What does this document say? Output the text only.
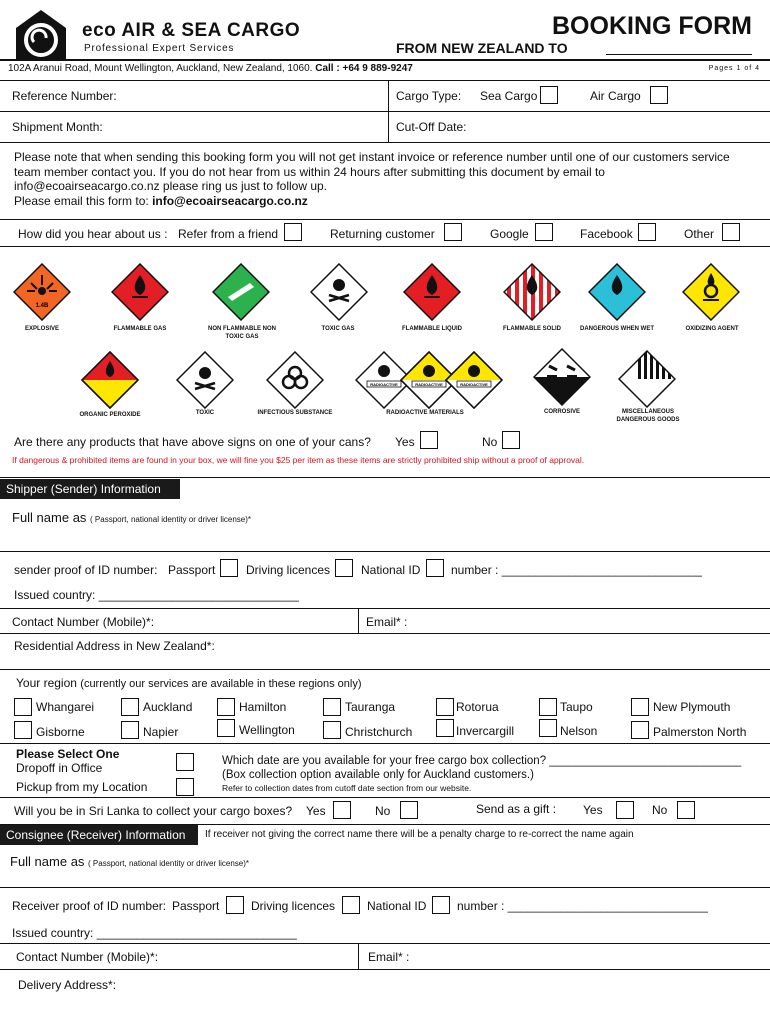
eco AIR & SEA CARGO
Professional Expert Services
BOOKING FORM
FROM NEW ZEALAND TO
102A Aranui Road, Mount Wellington, Auckland, New Zealand, 1060. Call : +64 9 889-9247	Pages 1 of 4
Reference Number:	Cargo Type: Sea Cargo	Air Cargo
Shipment Month:	Cut-Off Date:
Please note that when sending this booking form you will not get instant invoice or reference number until one of our customers service
team member contact you. If you do not hear from us within 24 hours after submitting this document by email to
info@ecoairseacargo.co.nz please ring us just to follow up.
Please email this form to: info@ecoairseacargo.co.nz
How did you hear about us : Refer from a friend	Returning customer	Google	Facebook	Other
1.4B
EXPLOSIVE	FLAMMABLE GAS	NON FLAMMABLE NON TOXIC GAS
TOXIC GAS	FLAMMABLE LIQUID	FLAMMABLE SOLID	DANGEROUS WHEN WET	OXIDIZING AGENT
ORGANIC PEROXIDE	TOXIC	INFECTIOUS SUBSTANCE
RADIOACTIVE	RADIOACTIVE	RADIOACTIVE
RADIOACTIVE MATERIALS	CORROSIVE	MISCELLANEOUS DANGEROUS GOODS
Are there any products that have above signs on one of your cans? Yes	No
If dangerous & prohibited items are found in your box, we will fine you $25 per item as these items are strictly prohibited ship without a proof of approval.
Shipper (Sender) Information
Full name as ( Passport, national identity or driver license)*
sender proof of ID number: Passport	Driving licences	National ID	number : ______________________________
Issued country: ______________________________
Contact Number (Mobile)*:	Email* :
Residential Address in New Zealand*:
Your region (currently our services are available in these regions only)
Whangarei	Auckland	Hamilton	Tauranga	Rotorua	Taupo	New Plymouth
Gisborne	Napier	Wellington	Christchurch	Invercargill	Nelson	Palmerston North
Please Select One
Dropoff in Office
Pickup from my Location
Which date are you available for your free cargo box collection? ______________________________
(Box collection option available only for Auckland customers.)
Refer to collection dates from cutoff date section from our website.
Will you be in Sri Lanka to collect your cargo boxes? Yes	No	Send as a gift : Yes	No
Consignee (Receiver) Information	If receiver not giving the correct name there will be a penalty charge to re-correct the name again
Full name as ( Passport, national identity or driver license)*
Receiver proof of ID number: Passport	Driving licences	National ID	number : ______________________________
Issued country: ______________________________
Contact Number (Mobile)*:	Email* :
Delivery Address*:
